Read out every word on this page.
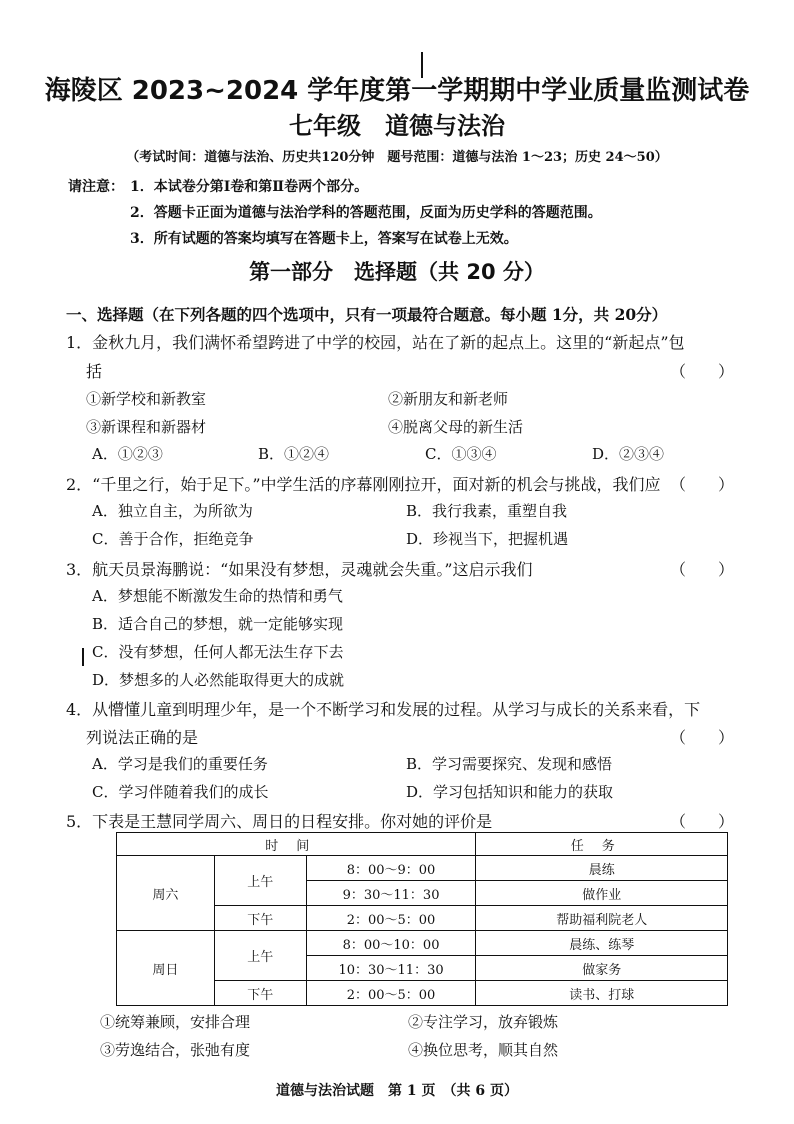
海陵区 2023~2024 学年度第一学期期中学业质量监测试卷
七年级　道德与法治
（考试时间：道德与法治、历史共120分钟　题号范围：道德与法治 1～23；历史 24～50）
请注意： 1．本试卷分第Ⅰ卷和第Ⅱ卷两个部分。
2．答题卡正面为道德与法治学科的答题范围，反面为历史学科的答题范围。
3．所有试题的答案均填写在答题卡上，答案写在试卷上无效。
第一部分　选择题（共 20 分）
一、选择题（在下列各题的四个选项中，只有一项最符合题意。每小题 1分，共 20分）
1．金秋九月，我们满怀希望跨进了中学的校园，站在了新的起点上。这里的“新起点”包
括	（　　）
①新学校和新教室	②新朋友和新老师
③新课程和新器材	④脱离父母的新生活
A．①②③	B．①②④	C．①③④	D．②③④
2．“千里之行，始于足下。”中学生活的序幕刚刚拉开，面对新的机会与挑战，我们应 （　　）
A．独立自主，为所欲为	B．我行我素，重塑自我
C．善于合作，拒绝竞争	D．珍视当下，把握机遇
3．航天员景海鹏说：“如果没有梦想，灵魂就会失重。”这启示我们	（　　）
A．梦想能不断激发生命的热情和勇气
B．适合自己的梦想，就一定能够实现
C．没有梦想，任何人都无法生存下去
D．梦想多的人必然能取得更大的成就
4．从懵懂儿童到明理少年，是一个不断学习和发展的过程。从学习与成长的关系来看，下
列说法正确的是	（　　）
A．学习是我们的重要任务	B．学习需要探究、发现和感悟
C．学习伴随着我们的成长	D．学习包括知识和能力的获取
5．下表是王慧同学周六、周日的日程安排。你对她的评价是	（　　）
时间			任务
周六	上午	8：00～9：00	晨练
		9：30～11：30	做作业
	下午	2：00～5：00	帮助福利院老人
周日	上午	8：00～10：00	晨练、练琴
		10：30～11：30	做家务
	下午	2：00～5：00	读书、打球
①统筹兼顾，安排合理	②专注学习，放弃锻炼
③劳逸结合，张弛有度	④换位思考，顺其自然
道德与法治试题　第 1 页　（共 6 页）
